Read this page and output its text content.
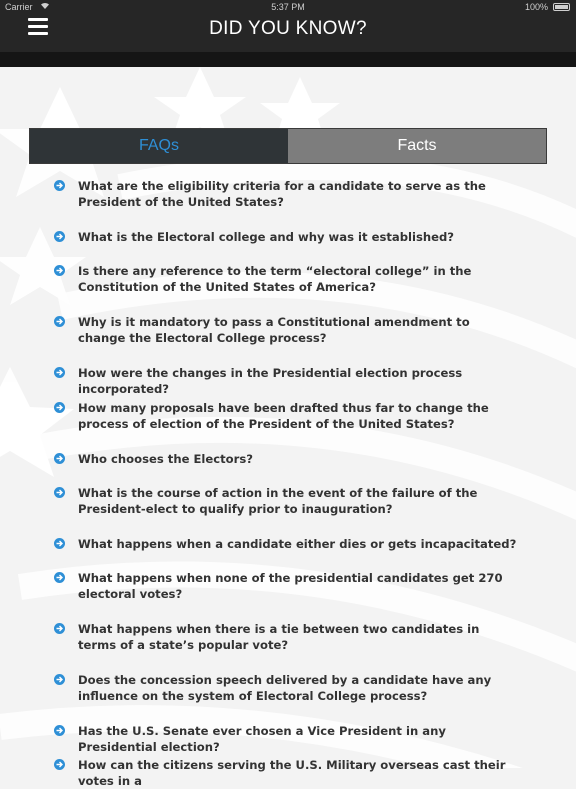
Carrier	5:37 PM	100%
DID YOU KNOW?
FAQs	Facts
What are the eligibility criteria for a candidate to serve as the President of the United States?
What is the Electoral college and why was it established?
Is there any reference to the term “electoral college” in the Constitution of the United States of America?
Why is it mandatory to pass a Constitutional amendment to change the Electoral College process?
How were the changes in the Presidential election process incorporated?
How many proposals have been drafted thus far to change the process of election of the President of the United States?
Who chooses the Electors?
What is the course of action in the event of the failure of the President-elect to qualify prior to inauguration?
What happens when a candidate either dies or gets incapacitated?
What happens when none of the presidential candidates get 270 electoral votes?
What happens when there is a tie between two candidates in terms of a state’s popular vote?
Does the concession speech delivered by a candidate have any influence on the system of Electoral College process?
Has the U.S. Senate ever chosen a Vice President in any Presidential election?
How can the citizens serving the U.S. Military overseas cast their votes in a
